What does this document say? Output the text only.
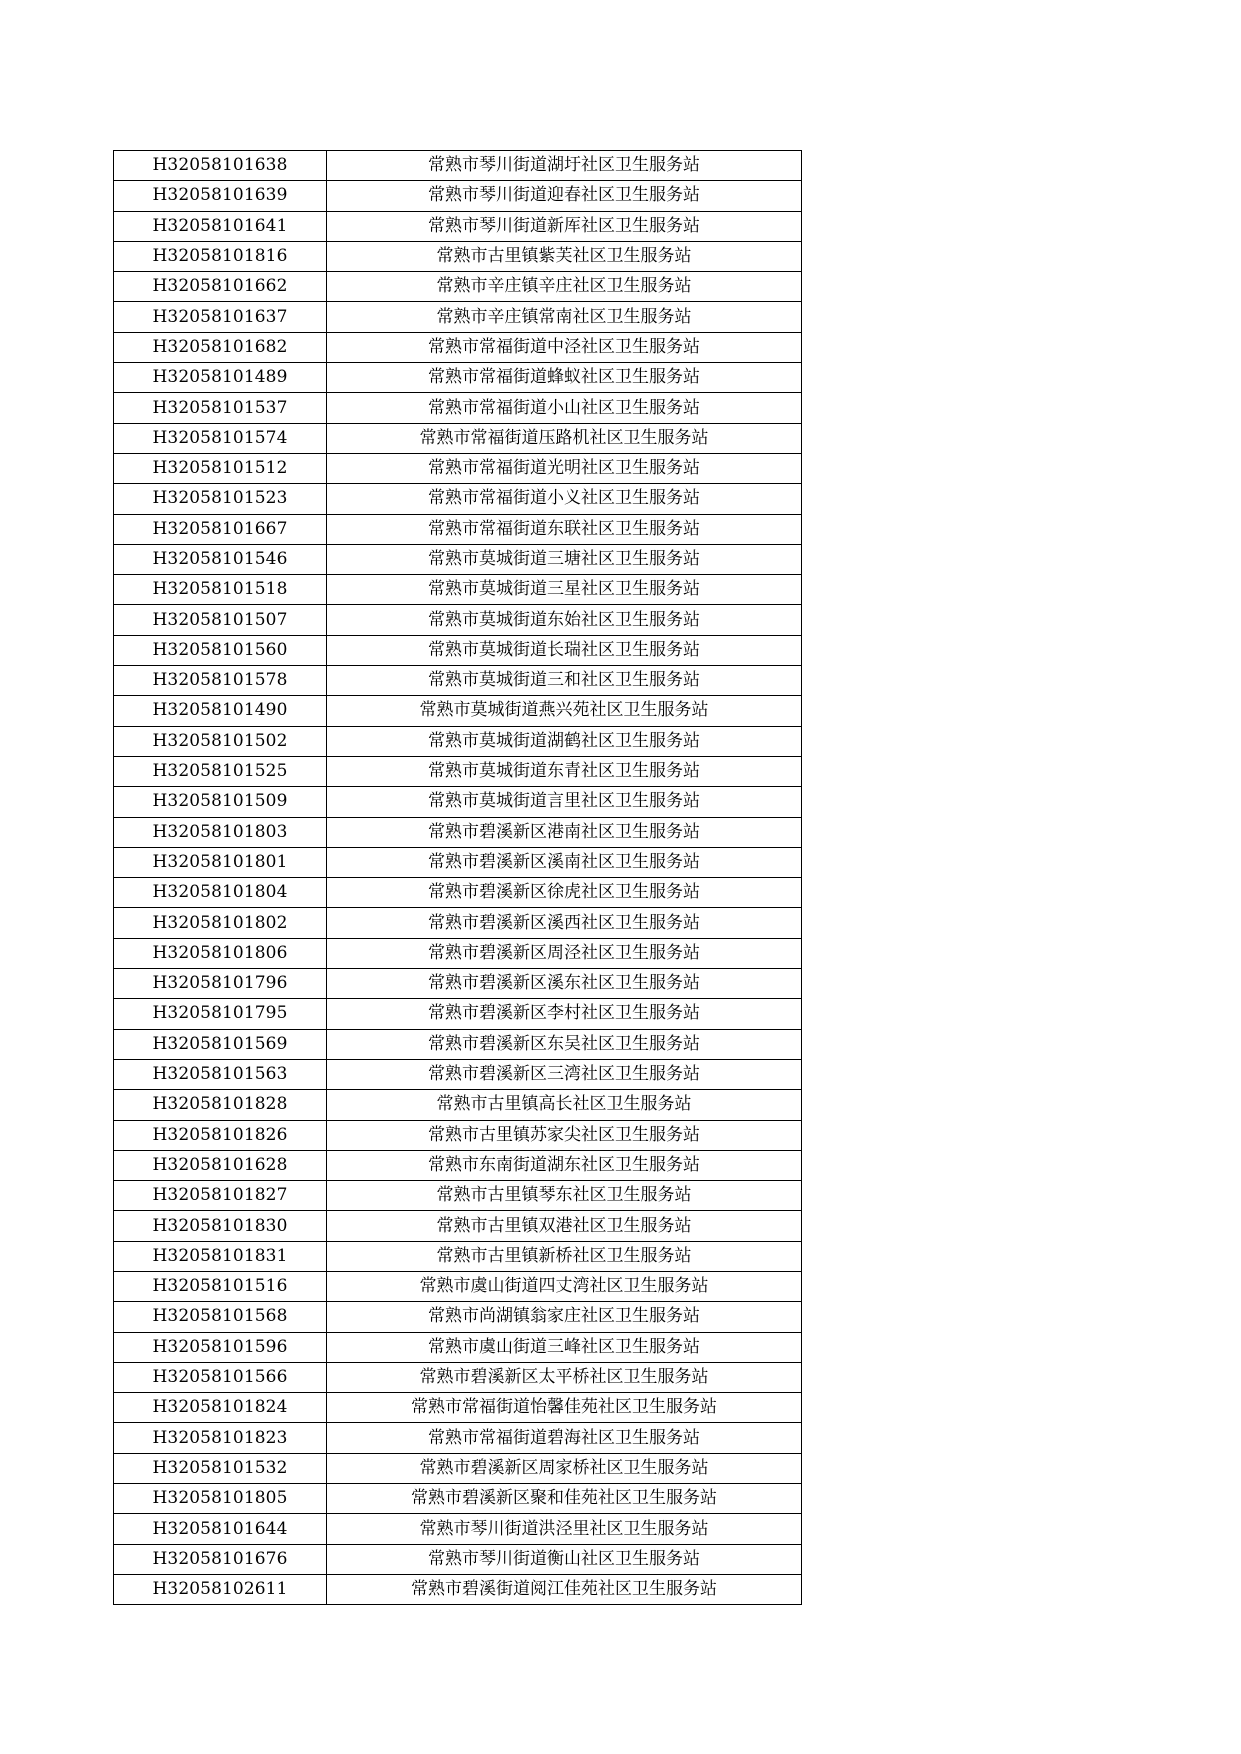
H32058101638	常熟市琴川街道湖圩社区卫生服务站
H32058101639	常熟市琴川街道迎春社区卫生服务站
H32058101641	常熟市琴川街道新厍社区卫生服务站
H32058101816	常熟市古里镇紫芙社区卫生服务站
H32058101662	常熟市辛庄镇辛庄社区卫生服务站
H32058101637	常熟市辛庄镇常南社区卫生服务站
H32058101682	常熟市常福街道中泾社区卫生服务站
H32058101489	常熟市常福街道蜂蚁社区卫生服务站
H32058101537	常熟市常福街道小山社区卫生服务站
H32058101574	常熟市常福街道压路机社区卫生服务站
H32058101512	常熟市常福街道光明社区卫生服务站
H32058101523	常熟市常福街道小义社区卫生服务站
H32058101667	常熟市常福街道东联社区卫生服务站
H32058101546	常熟市莫城街道三塘社区卫生服务站
H32058101518	常熟市莫城街道三星社区卫生服务站
H32058101507	常熟市莫城街道东始社区卫生服务站
H32058101560	常熟市莫城街道长瑞社区卫生服务站
H32058101578	常熟市莫城街道三和社区卫生服务站
H32058101490	常熟市莫城街道燕兴苑社区卫生服务站
H32058101502	常熟市莫城街道湖鹤社区卫生服务站
H32058101525	常熟市莫城街道东青社区卫生服务站
H32058101509	常熟市莫城街道言里社区卫生服务站
H32058101803	常熟市碧溪新区港南社区卫生服务站
H32058101801	常熟市碧溪新区溪南社区卫生服务站
H32058101804	常熟市碧溪新区徐虎社区卫生服务站
H32058101802	常熟市碧溪新区溪西社区卫生服务站
H32058101806	常熟市碧溪新区周泾社区卫生服务站
H32058101796	常熟市碧溪新区溪东社区卫生服务站
H32058101795	常熟市碧溪新区李村社区卫生服务站
H32058101569	常熟市碧溪新区东吴社区卫生服务站
H32058101563	常熟市碧溪新区三湾社区卫生服务站
H32058101828	常熟市古里镇高长社区卫生服务站
H32058101826	常熟市古里镇苏家尖社区卫生服务站
H32058101628	常熟市东南街道湖东社区卫生服务站
H32058101827	常熟市古里镇琴东社区卫生服务站
H32058101830	常熟市古里镇双港社区卫生服务站
H32058101831	常熟市古里镇新桥社区卫生服务站
H32058101516	常熟市虞山街道四丈湾社区卫生服务站
H32058101568	常熟市尚湖镇翁家庄社区卫生服务站
H32058101596	常熟市虞山街道三峰社区卫生服务站
H32058101566	常熟市碧溪新区太平桥社区卫生服务站
H32058101824	常熟市常福街道怡馨佳苑社区卫生服务站
H32058101823	常熟市常福街道碧海社区卫生服务站
H32058101532	常熟市碧溪新区周家桥社区卫生服务站
H32058101805	常熟市碧溪新区聚和佳苑社区卫生服务站
H32058101644	常熟市琴川街道洪泾里社区卫生服务站
H32058101676	常熟市琴川街道衡山社区卫生服务站
H32058102611	常熟市碧溪街道阅江佳苑社区卫生服务站
